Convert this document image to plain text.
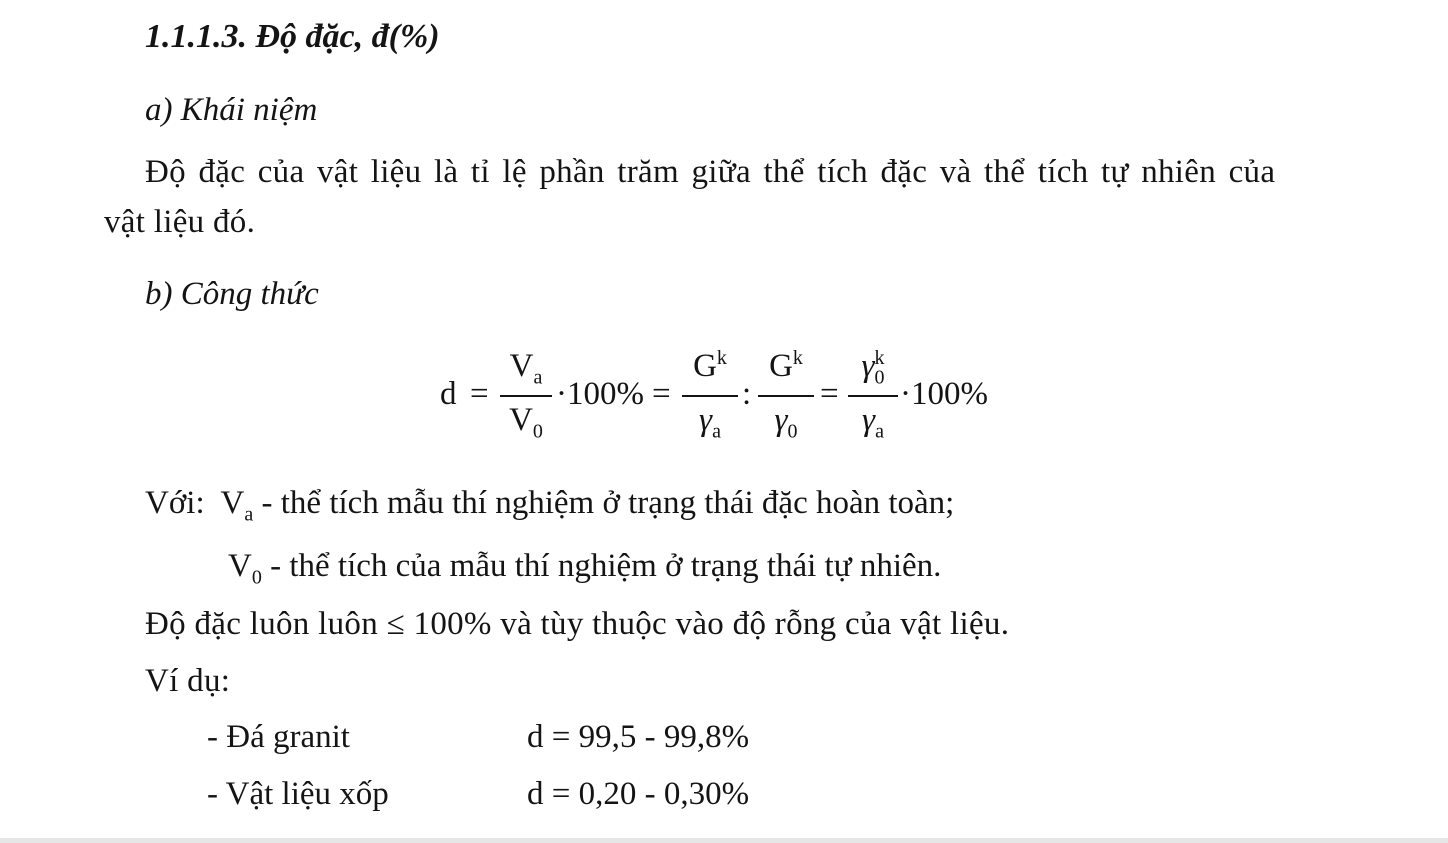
1.1.1.3. Độ đặc, đ(%)
a) Khái niệm
Độ đặc của vật liệu là tỉ lệ phần trăm giữa thể tích đặc và thể tích tự nhiên của
vật liệu đó.
b) Công thức
d =
$V_a$
$V_0$
·100% =
$G^k$
$\gamma_a$
:
$G^k$
$\gamma_0$
=
$\gamma_0^k$
$\gamma_a$
·100%
Với: $V_a$ - thể tích mẫu thí nghiệm ở trạng thái đặc hoàn toàn;
$V_0$ - thể tích của mẫu thí nghiệm ở trạng thái tự nhiên.
Độ đặc luôn luôn ≤ 100% và tùy thuộc vào độ rỗng của vật liệu.
Ví dụ:
- Đá granit	d = 99,5 - 99,8%
- Vật liệu xốp	d = 0,20 - 0,30%
